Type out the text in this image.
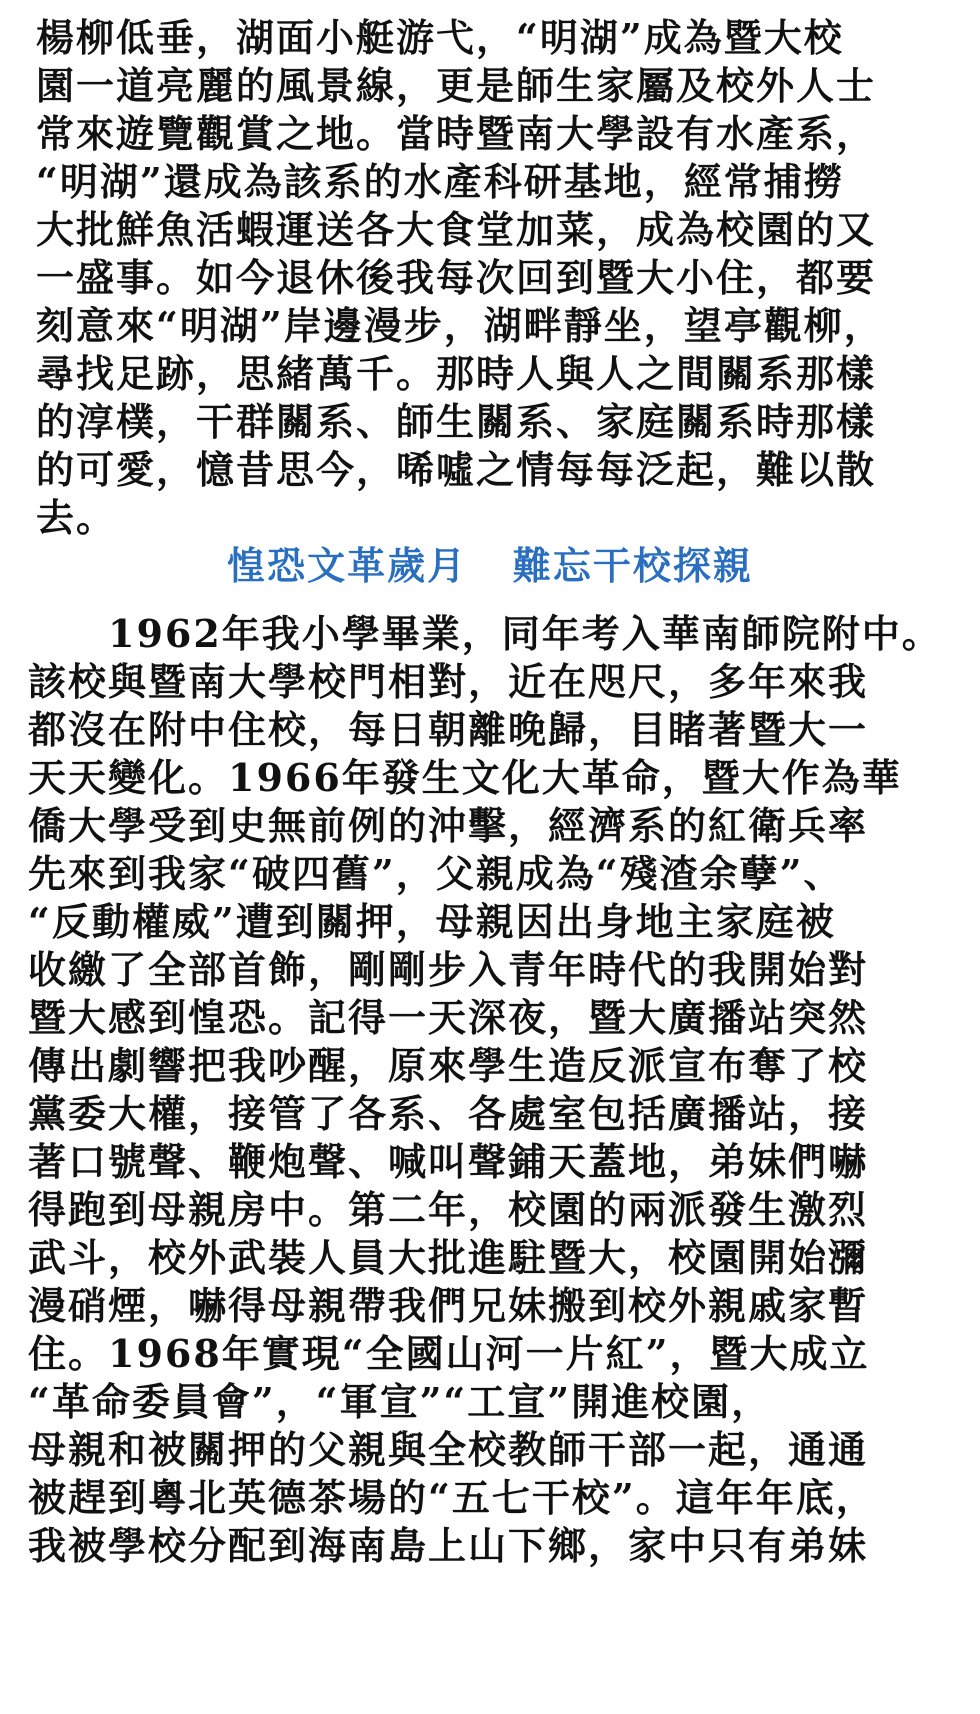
楊柳低垂，湖面小艇游弋，“明湖”成為暨大校
園一道亮麗的風景線，更是師生家屬及校外人士
常來遊覽觀賞之地。當時暨南大學設有水產系，
“明湖”還成為該系的水產科研基地，經常捕撈
大批鮮魚活蝦運送各大食堂加菜，成為校園的又
一盛事。如今退休後我每次回到暨大小住，都要
刻意來“明湖”岸邊漫步，湖畔靜坐，望亭觀柳，
尋找足跡，思緒萬千。那時人與人之間關系那樣
的淳樸，干群關系、師生關系、家庭關系時那樣
的可愛，憶昔思今，唏噓之情每每泛起，難以散
去。
惶恐文革歲月   難忘干校探親
1962年我小學畢業，同年考入華南師院附中。
該校與暨南大學校門相對，近在咫尺，多年來我
都沒在附中住校，每日朝離晚歸，目睹著暨大一
天天變化。1966年發生文化大革命，暨大作為華
僑大學受到史無前例的沖擊，經濟系的紅衛兵率
先來到我家“破四舊”，父親成為“殘渣余孽”、
“反動權威”遭到關押，母親因出身地主家庭被
收繳了全部首飾，剛剛步入青年時代的我開始對
暨大感到惶恐。記得一天深夜，暨大廣播站突然
傳出劇響把我吵醒，原來學生造反派宣布奪了校
黨委大權，接管了各系、各處室包括廣播站，接
著口號聲、鞭炮聲、喊叫聲鋪天蓋地，弟妹們嚇
得跑到母親房中。第二年，校園的兩派發生激烈
武斗，校外武裝人員大批進駐暨大，校園開始瀰
漫硝煙，嚇得母親帶我們兄妹搬到校外親戚家暫
住。1968年實現“全國山河一片紅”，暨大成立
“革命委員會”，“軍宣”“工宣”開進校園，
母親和被關押的父親與全校教師干部一起，通通
被趕到粵北英德茶場的“五七干校”。這年年底，
我被學校分配到海南島上山下鄉，家中只有弟妹
